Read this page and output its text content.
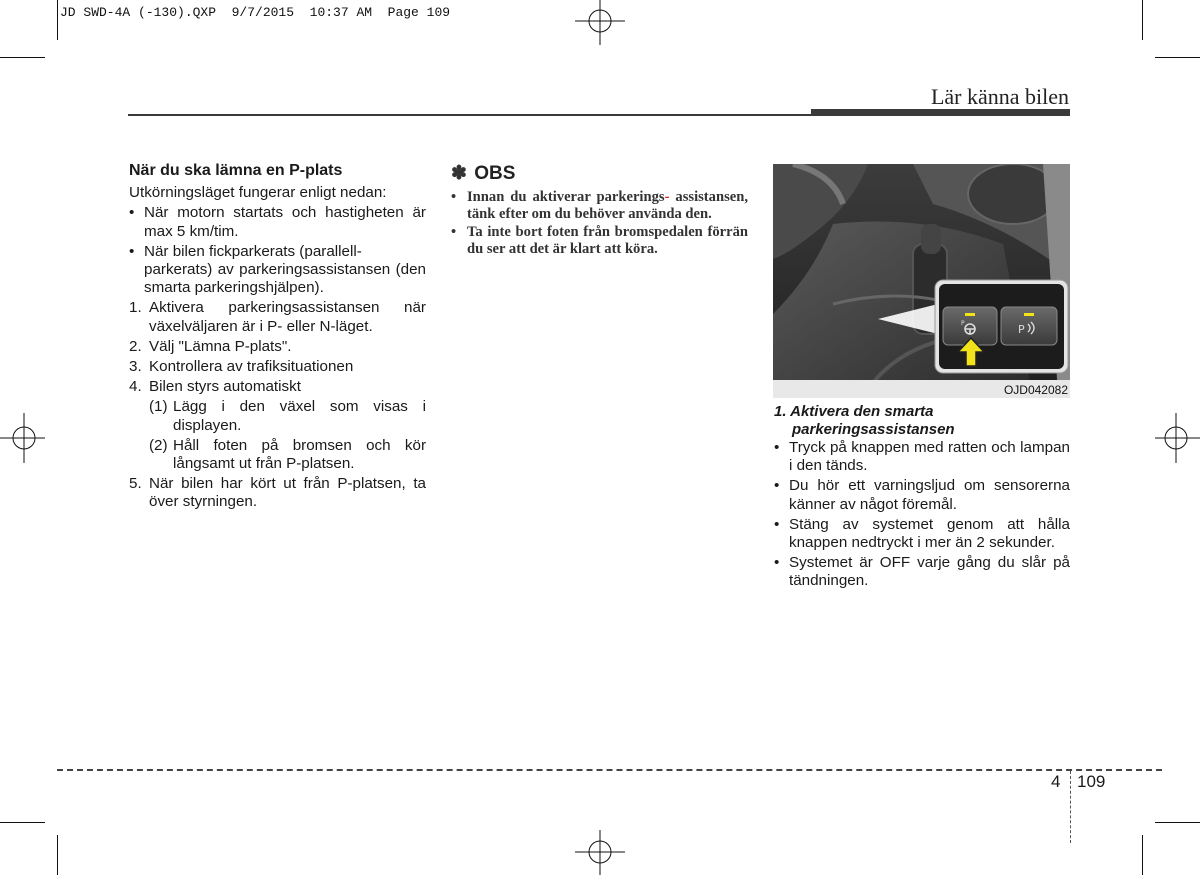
JD SWD-4A (-130).QXP  9/7/2015  10:37 AM  Page 109
Lär känna bilen
När du ska lämna en P-plats
Utkörningsläget fungerar enligt nedan:
• När motorn startats och hastigheten är max 5 km/tim.
• När bilen fickparkerats (parallell-
parkerats) av parkeringsassistansen (den smarta parkeringshjälpen).
1. Aktivera parkeringsassistansen när växelväljaren är i P- eller N-läget.
2. Välj "Lämna P-plats".
3. Kontrollera av trafiksituationen
4. Bilen styrs automatiskt
(1) Lägg i den växel som visas i displayen.
(2) Håll foten på bromsen och kör långsamt ut från P-platsen.
5. När bilen har kört ut från P-platsen, ta över styrningen.
✽ OBS
• Innan du aktiverar parkerings- assistansen, tänk efter om du behöver använda den.
• Ta inte bort foten från bromspedalen förrän du ser att det är klart att köra.
P	P
OJD042082
1. Aktivera den smarta
parkeringsassistansen
• Tryck på knappen med ratten och lampan i den tänds.
• Du hör ett varningsljud om sensorerna känner av något föremål.
• Stäng av systemet genom att hålla knappen nedtryckt i mer än 2 sekunder.
• Systemet är OFF varje gång du slår på tändningen.
4 109
